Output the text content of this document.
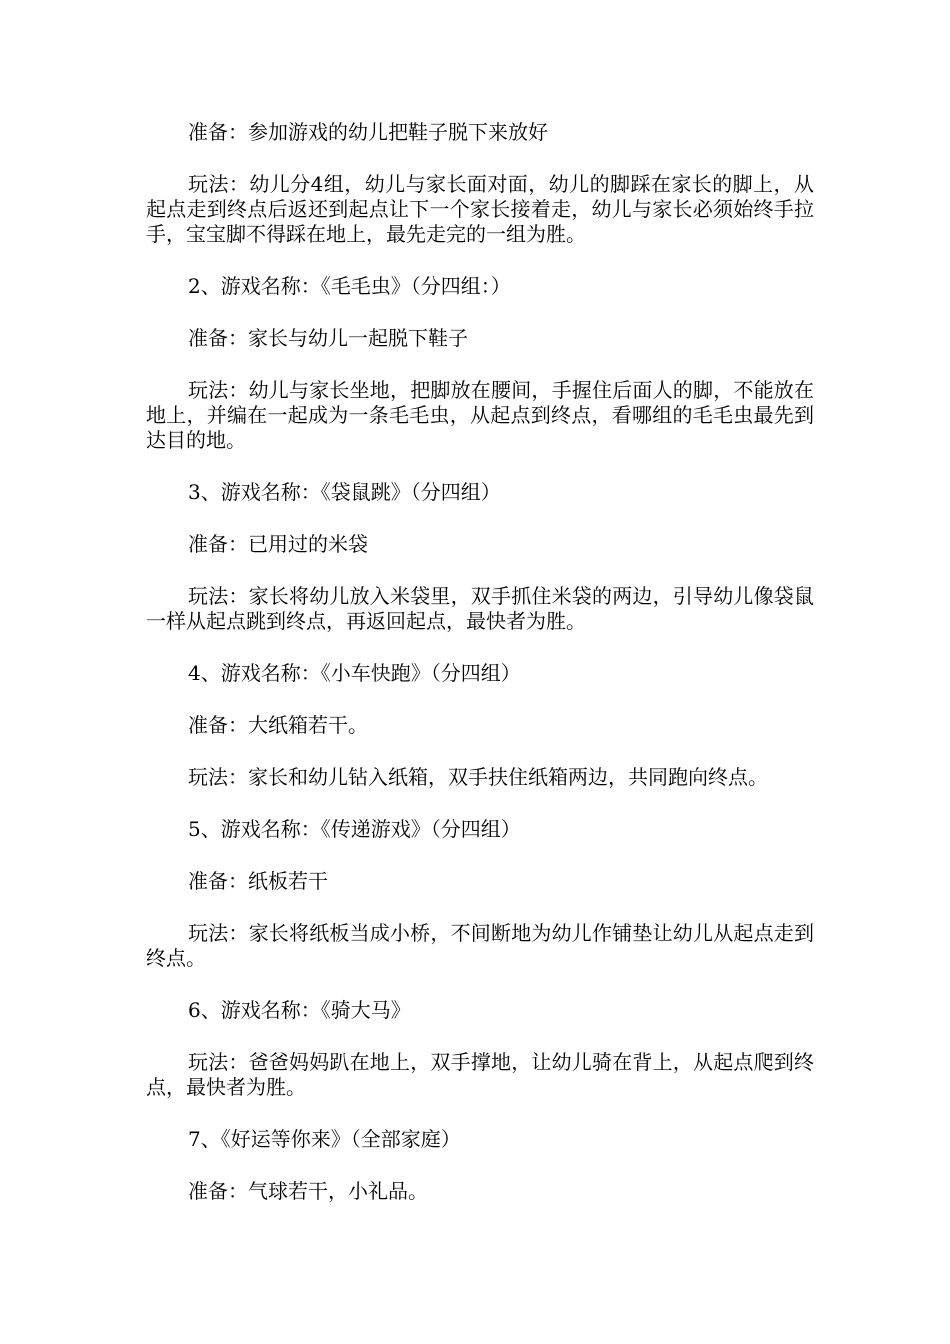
准备：参加游戏的幼儿把鞋子脱下来放好

玩法：幼儿分4组，幼儿与家长面对面，幼儿的脚踩在家长的脚上，从起点走到终点后返还到起点让下一个家长接着走，幼儿与家长必须始终手拉手，宝宝脚不得踩在地上，最先走完的一组为胜。

2、游戏名称：《毛毛虫》（分四组：）

准备：家长与幼儿一起脱下鞋子

玩法：幼儿与家长坐地，把脚放在腰间，手握住后面人的脚，不能放在地上，并编在一起成为一条毛毛虫，从起点到终点，看哪组的毛毛虫最先到达目的地。

3、游戏名称：《袋鼠跳》（分四组）

准备：已用过的米袋

玩法：家长将幼儿放入米袋里，双手抓住米袋的两边，引导幼儿像袋鼠一样从起点跳到终点，再返回起点，最快者为胜。

4、游戏名称：《小车快跑》（分四组）

准备：大纸箱若干。

玩法：家长和幼儿钻入纸箱，双手扶住纸箱两边，共同跑向终点。

5、游戏名称：《传递游戏》（分四组）

准备：纸板若干

玩法：家长将纸板当成小桥，不间断地为幼儿作铺垫让幼儿从起点走到终点。

6、游戏名称：《骑大马》

玩法：爸爸妈妈趴在地上，双手撑地，让幼儿骑在背上，从起点爬到终点，最快者为胜。

7、《好运等你来》（全部家庭）

准备：气球若干，小礼品。
